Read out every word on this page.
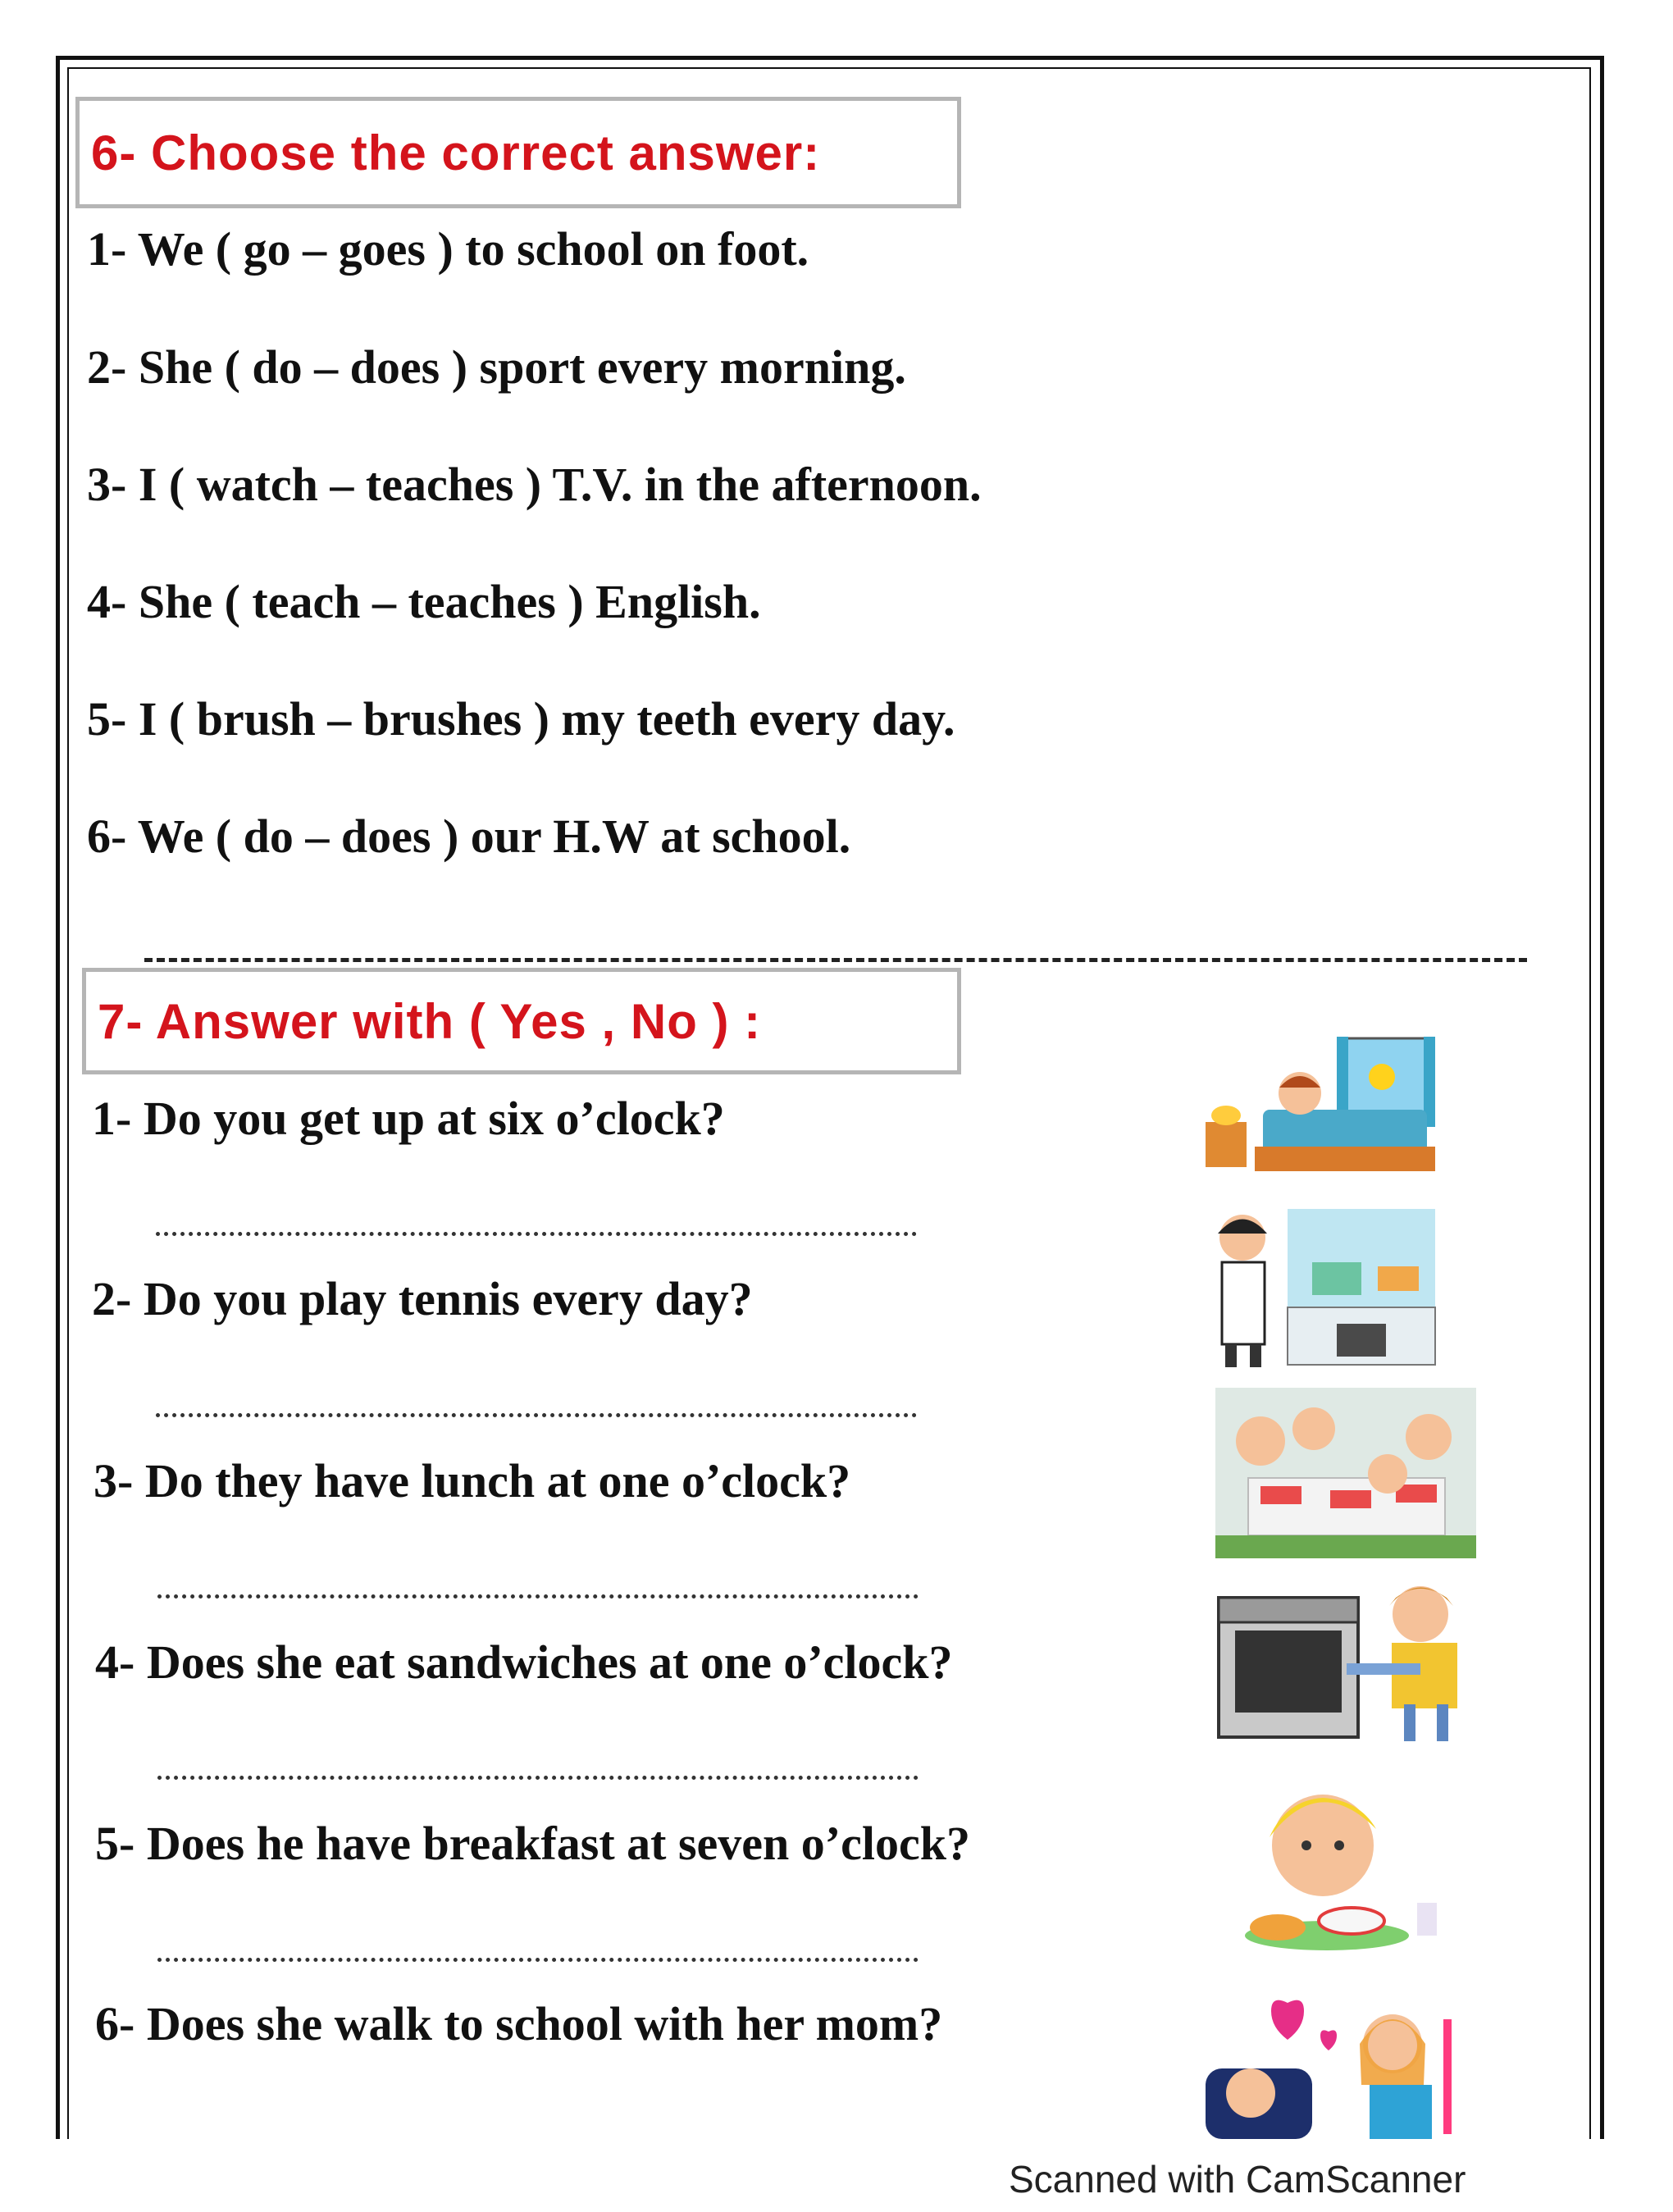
6- Choose the correct answer:
1- We ( go – goes ) to school on foot.
2- She ( do – does ) sport every morning.
3- I ( watch – teaches ) T.V. in the afternoon.
4- She ( teach – teaches ) English.
5- I ( brush – brushes ) my teeth every day.
6- We ( do – does ) our H.W at school.
7- Answer with ( Yes , No ) :
1- Do you get up at six o’clock?
2- Do you play tennis every day?
3- Do they have lunch at one o’clock?
4- Does she eat sandwiches at one o’clock?
5- Does he have breakfast at seven o’clock?
6- Does she walk to school with her mom?
Scanned with CamScanner
